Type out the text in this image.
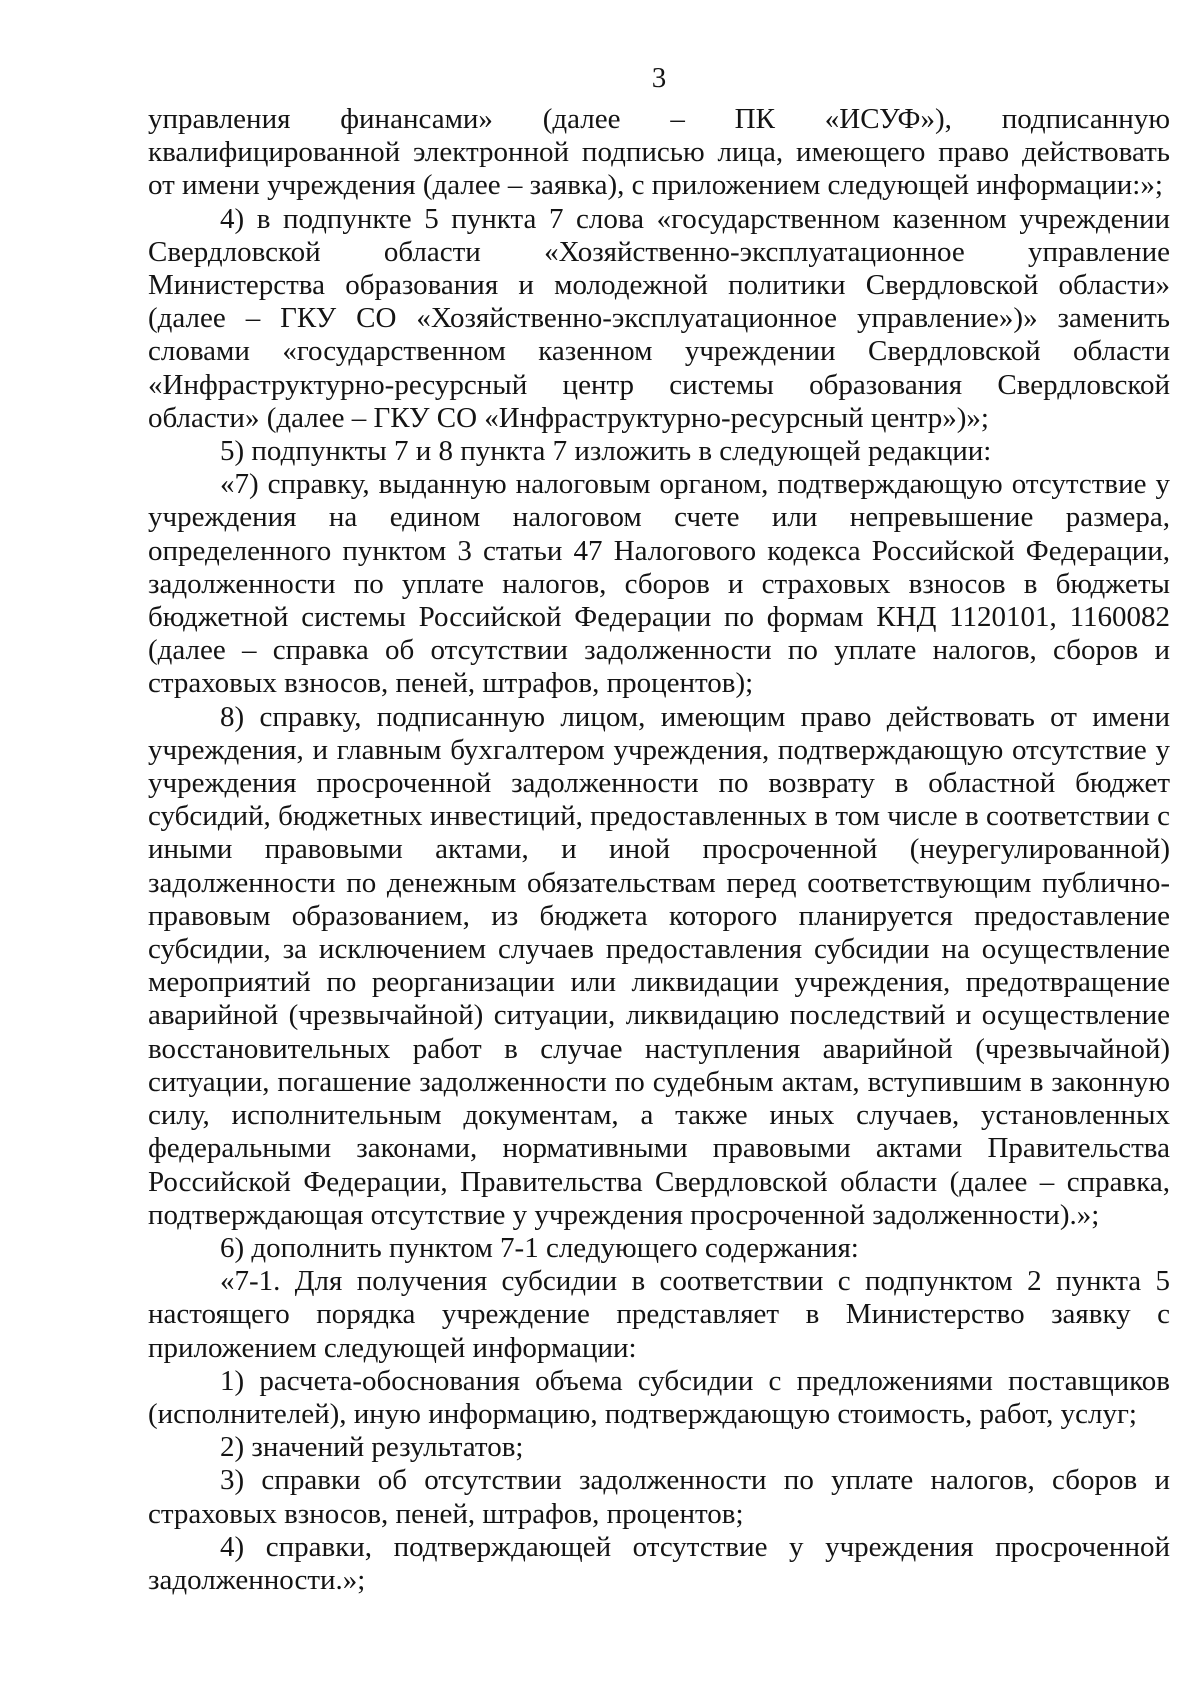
3

управления финансами» (далее – ПК «ИСУФ»), подписанную квалифицированной электронной подписью лица, имеющего право действовать от имени учреждения (далее – заявка), с приложением следующей информации:»;

4) в подпункте 5 пункта 7 слова «государственном казенном учреждении Свердловской области «Хозяйственно-эксплуатационное управление Министерства образования и молодежной политики Свердловской области» (далее – ГКУ СО «Хозяйственно-эксплуатационное управление»)» заменить словами «государственном казенном учреждении Свердловской области «Инфраструктурно-ресурсный центр системы образования Свердловской области» (далее – ГКУ СО «Инфраструктурно-ресурсный центр»)»;

5) подпункты 7 и 8 пункта 7 изложить в следующей редакции:

«7) справку, выданную налоговым органом, подтверждающую отсутствие у учреждения на едином налоговом счете или непревышение размера, определенного пунктом 3 статьи 47 Налогового кодекса Российской Федерации, задолженности по уплате налогов, сборов и страховых взносов в бюджеты бюджетной системы Российской Федерации по формам КНД 1120101, 1160082 (далее – справка об отсутствии задолженности по уплате налогов, сборов и страховых взносов, пеней, штрафов, процентов);

8) справку, подписанную лицом, имеющим право действовать от имени учреждения, и главным бухгалтером учреждения, подтверждающую отсутствие у учреждения просроченной задолженности по возврату в областной бюджет субсидий, бюджетных инвестиций, предоставленных в том числе в соответствии с иными правовыми актами, и иной просроченной (неурегулированной) задолженности по денежным обязательствам перед соответствующим публично-правовым образованием, из бюджета которого планируется предоставление субсидии, за исключением случаев предоставления субсидии на осуществление мероприятий по реорганизации или ликвидации учреждения, предотвращение аварийной (чрезвычайной) ситуации, ликвидацию последствий и осуществление восстановительных работ в случае наступления аварийной (чрезвычайной) ситуации, погашение задолженности по судебным актам, вступившим в законную силу, исполнительным документам, а также иных случаев, установленных федеральными законами, нормативными правовыми актами Правительства Российской Федерации, Правительства Свердловской области (далее – справка, подтверждающая отсутствие у учреждения просроченной задолженности).»;

6) дополнить пунктом 7-1 следующего содержания:

«7-1. Для получения субсидии в соответствии с подпунктом 2 пункта 5 настоящего порядка учреждение представляет в Министерство заявку с приложением следующей информации:

1) расчета-обоснования объема субсидии с предложениями поставщиков (исполнителей), иную информацию, подтверждающую стоимость, работ, услуг;

2) значений результатов;

3) справки об отсутствии задолженности по уплате налогов, сборов и страховых взносов, пеней, штрафов, процентов;

4) справки, подтверждающей отсутствие у учреждения просроченной задолженности.»;
